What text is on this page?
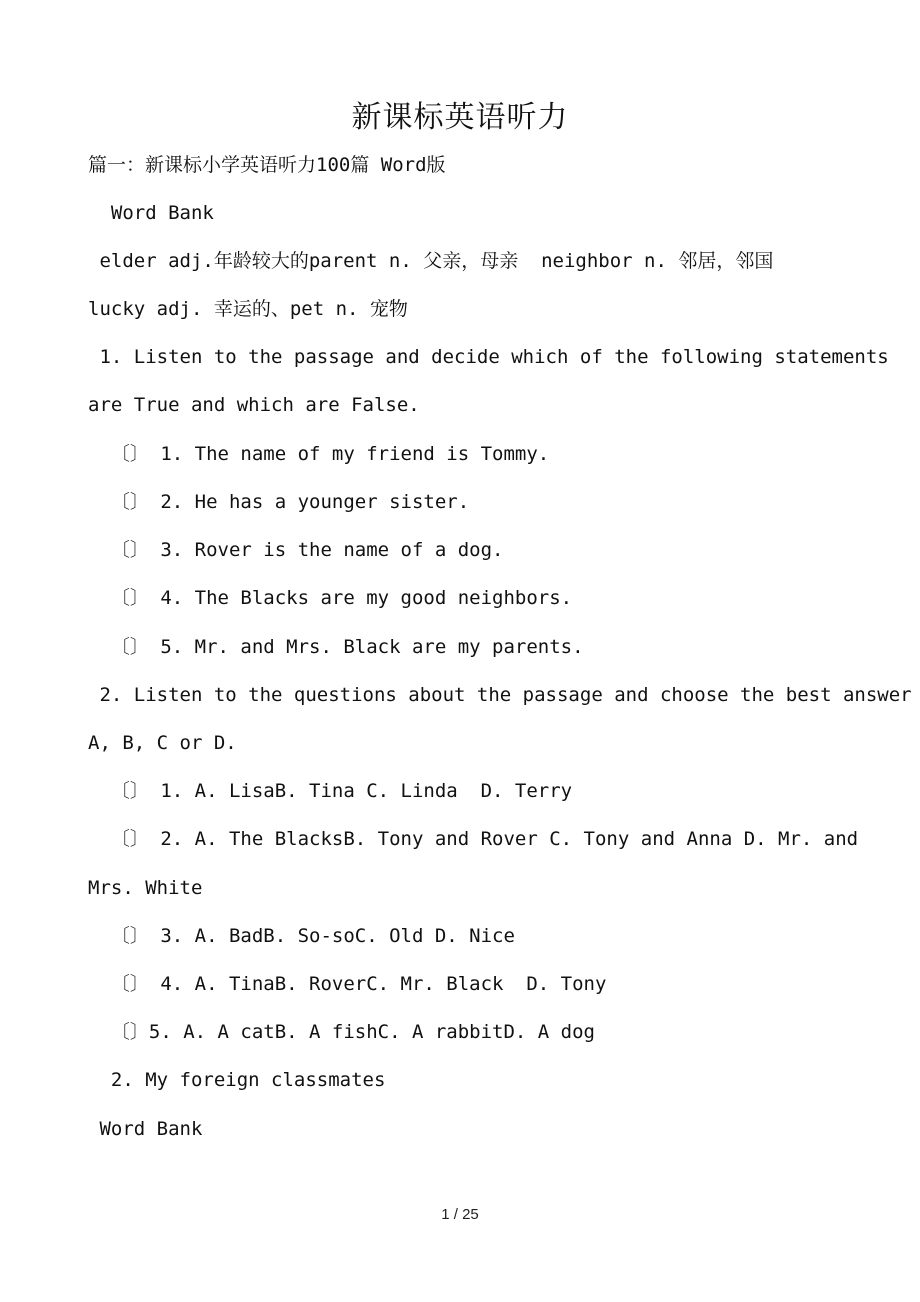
新课标英语听力
篇一：新课标小学英语听力100篇 Word版
Word Bank
elder adj.年龄较大的parent n. 父亲，母亲  neighbor n. 邻居，邻国
lucky adj. 幸运的、pet n. 宠物
1. Listen to the passage and decide which of the following statements
are True and which are False.
〔〕 1. The name of my friend is Tommy.
〔〕 2. He has a younger sister.
〔〕 3. Rover is the name of a dog.
〔〕 4. The Blacks are my good neighbors.
〔〕 5. Mr. and Mrs. Black are my parents.
2. Listen to the questions about the passage and choose the best answer
A, B, C or D.
〔〕 1. A. LisaB. Tina C. Linda  D. Terry
〔〕 2. A. The BlacksB. Tony and Rover C. Tony and Anna D. Mr. and
Mrs. White
〔〕 3. A. BadB. So-soC. Old D. Nice
〔〕 4. A. TinaB. RoverC. Mr. Black  D. Tony
〔〕5. A. A catB. A fishC. A rabbitD. A dog
2. My foreign classmates
Word Bank
1 / 25
